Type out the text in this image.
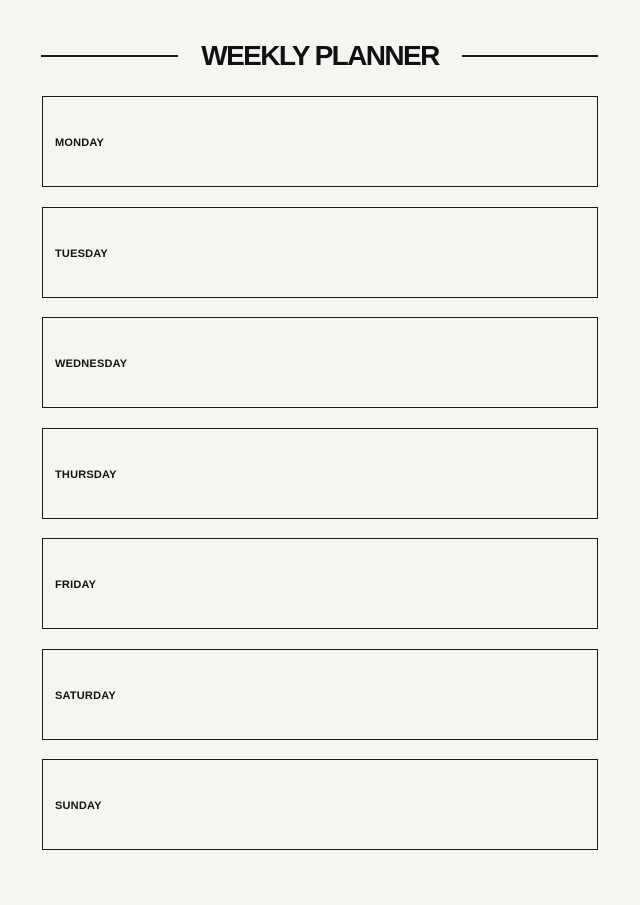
WEEKLY PLANNER
MONDAY
TUESDAY
WEDNESDAY
THURSDAY
FRIDAY
SATURDAY
SUNDAY
